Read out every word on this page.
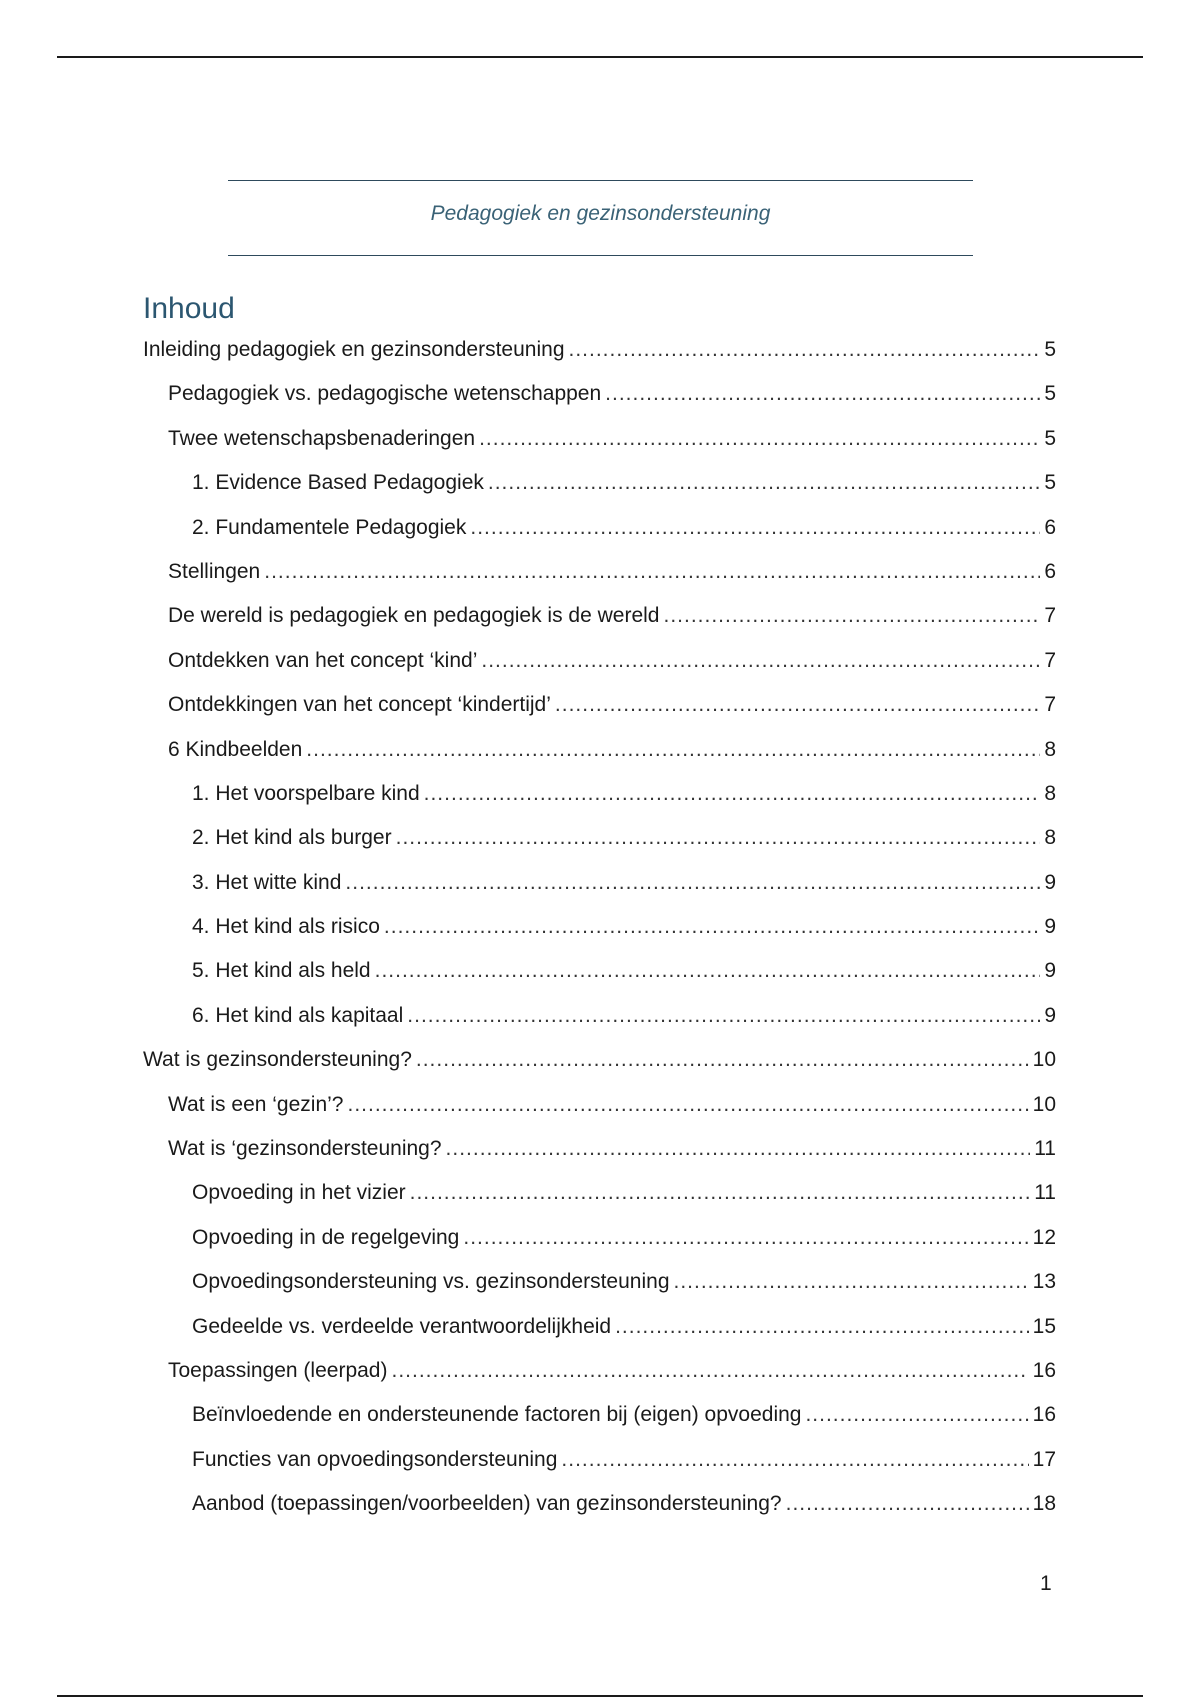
Pedagogiek en gezinsondersteuning
Inhoud
Inleiding pedagogiek en gezinsondersteuning .....	5
Pedagogiek vs. pedagogische wetenschappen .....	5
Twee wetenschapsbenaderingen .....	5
1. Evidence Based Pedagogiek .....	5
2. Fundamentele Pedagogiek .....	6
Stellingen .....	6
De wereld is pedagogiek en pedagogiek is de wereld .....	7
Ontdekken van het concept ‘kind’ .....	7
Ontdekkingen van het concept ‘kindertijd’ .....	7
6 Kindbeelden .....	8
1. Het voorspelbare kind .....	8
2. Het kind als burger .....	8
3. Het witte kind .....	9
4. Het kind als risico .....	9
5. Het kind als held .....	9
6. Het kind als kapitaal .....	9
Wat is gezinsondersteuning? .....	10
Wat is een ‘gezin’? .....	10
Wat is ‘gezinsondersteuning? .....	11
Opvoeding in het vizier .....	11
Opvoeding in de regelgeving .....	12
Opvoedingsondersteuning vs. gezinsondersteuning .....	13
Gedeelde vs. verdeelde verantwoordelijkheid .....	15
Toepassingen (leerpad) .....	16
Beïnvloedende en ondersteunende factoren bij (eigen) opvoeding .....	16
Functies van opvoedingsondersteuning .....	17
Aanbod (toepassingen/voorbeelden) van gezinsondersteuning? .....	18
1
